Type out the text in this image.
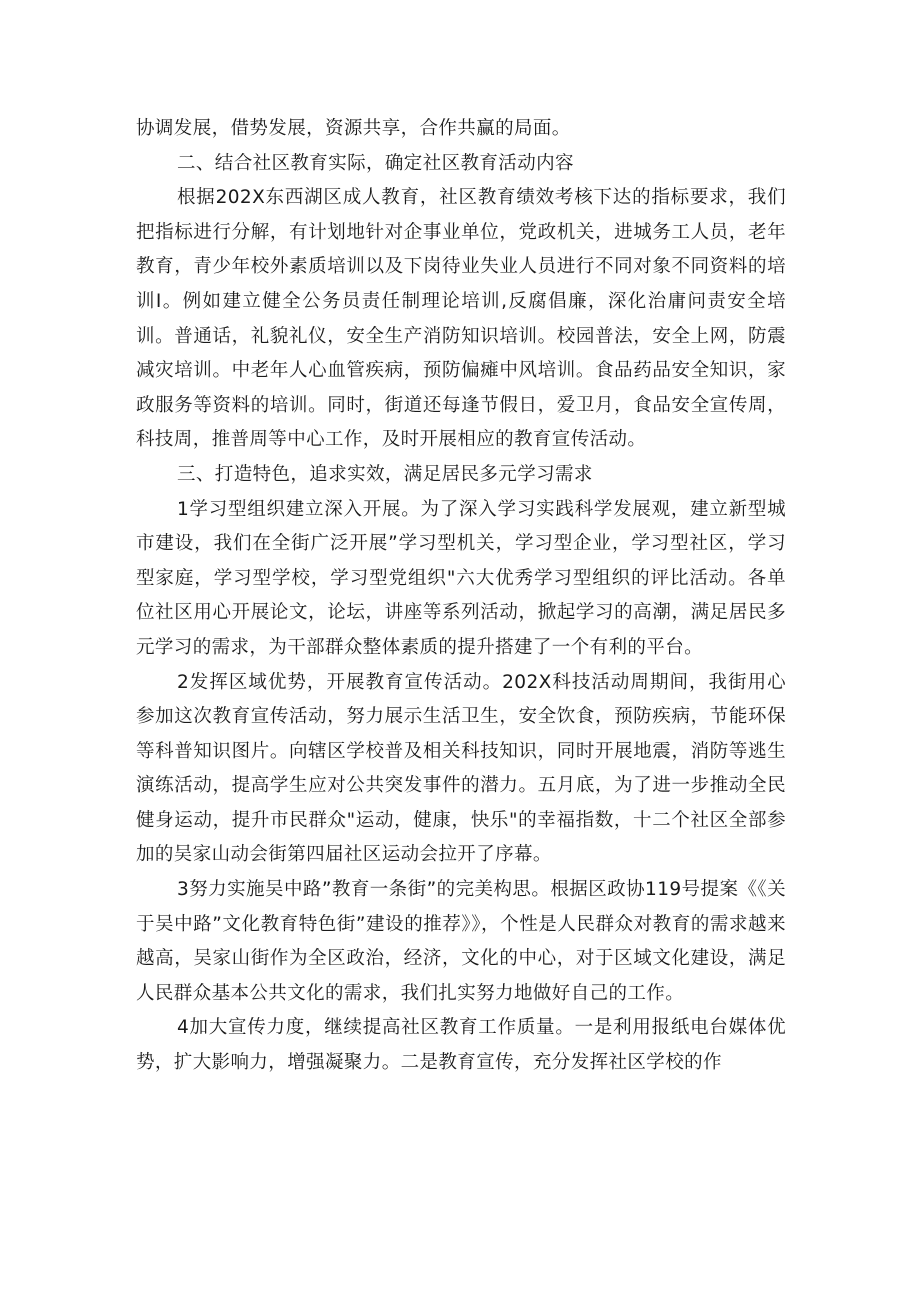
协调发展，借势发展，资源共享，合作共赢的局面。

二、结合社区教育实际，确定社区教育活动内容

根据202X东西湖区成人教育，社区教育绩效考核下达的指标要求，我们把指标进行分解，有计划地针对企事业单位，党政机关，进城务工人员，老年教育，青少年校外素质培训以及下岗待业失业人员进行不同对象不同资料的培训I。例如建立健全公务员责任制理论培训,反腐倡廉，深化治庸问责安全培训。普通话，礼貌礼仪，安全生产消防知识培训。校园普法，安全上网，防震减灾培训。中老年人心血管疾病，预防偏瘫中风培训。食品药品安全知识，家政服务等资料的培训。同时，街道还每逢节假日，爱卫月，食品安全宣传周，科技周，推普周等中心工作，及时开展相应的教育宣传活动。

三、打造特色，追求实效，满足居民多元学习需求

1学习型组织建立深入开展。为了深入学习实践科学发展观，建立新型城市建设，我们在全街广泛开展”学习型机关，学习型企业，学习型社区，学习型家庭，学习型学校，学习型党组织"六大优秀学习型组织的评比活动。各单位社区用心开展论文，论坛，讲座等系列活动，掀起学习的高潮，满足居民多元学习的需求，为干部群众整体素质的提升搭建了一个有利的平台。

2发挥区域优势，开展教育宣传活动。202X科技活动周期间，我街用心参加这次教育宣传活动，努力展示生活卫生，安全饮食，预防疾病，节能环保等科普知识图片。向辖区学校普及相关科技知识，同时开展地震，消防等逃生演练活动，提高学生应对公共突发事件的潜力。五月底，为了进一步推动全民健身运动，提升市民群众"运动，健康，快乐"的幸福指数，十二个社区全部参加的吴家山动会街第四届社区运动会拉开了序幕。

3努力实施吴中路”教育一条街”的完美构思。根据区政协119号提案《《关于吴中路”文化教育特色街”建设的推荐》》，个性是人民群众对教育的需求越来越高，吴家山街作为全区政治，经济，文化的中心，对于区域文化建设，满足人民群众基本公共文化的需求，我们扎实努力地做好自己的工作。

4加大宣传力度，继续提高社区教育工作质量。一是利用报纸电台媒体优势，扩大影响力，增强凝聚力。二是教育宣传，充分发挥社区学校的作
